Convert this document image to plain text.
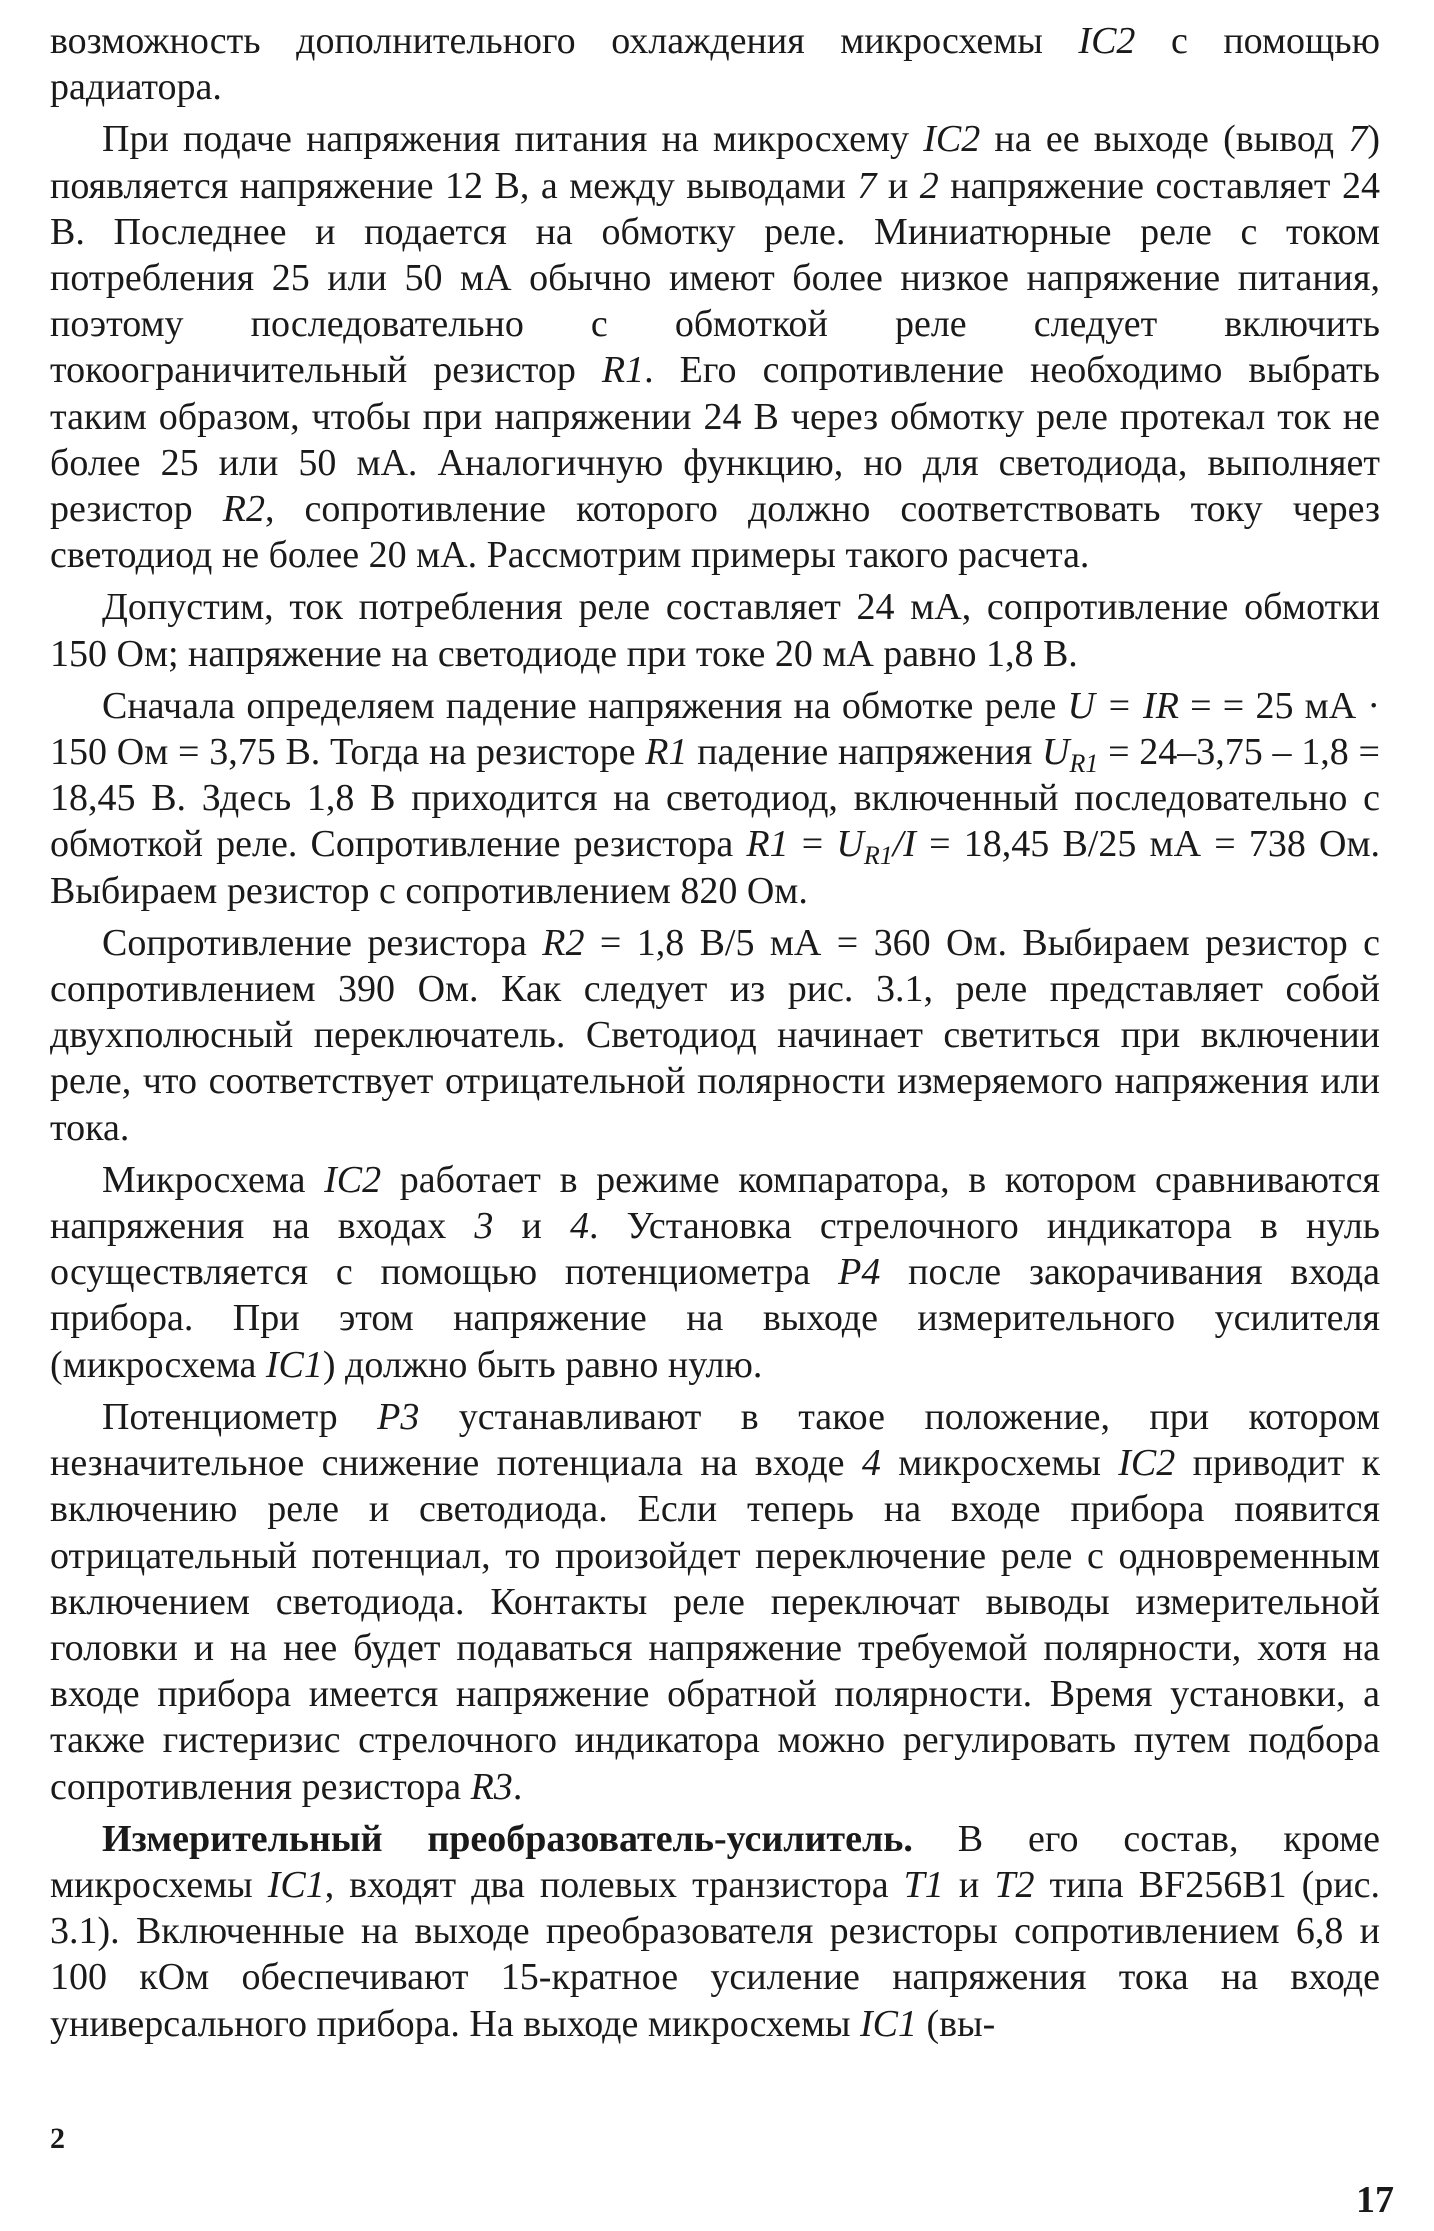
возможность дополнительного охлаждения микросхемы IC2 с помощью радиатора.

При подаче напряжения питания на микросхему IC2 на ее выходе (вывод 7) появляется напряжение 12 В, а между выводами 7 и 2 напряжение составляет 24 В. Последнее и подается на обмотку реле. Миниатюрные реле с током потребления 25 или 50 мА обычно имеют более низкое напряжение питания, поэтому последовательно с обмоткой реле следует включить токоограничительный резистор R1. Его сопротивление необходимо выбрать таким образом, чтобы при напряжении 24 В через обмотку реле протекал ток не более 25 или 50 мА. Аналогичную функцию, но для светодиода, выполняет резистор R2, сопротивление которого должно соответствовать току через светодиод не более 20 мА. Рассмотрим примеры такого расчета.

Допустим, ток потребления реле составляет 24 мА, сопротивление обмотки 150 Ом; напряжение на светодиоде при токе 20 мА равно 1,8 В.

Сначала определяем падение напряжения на обмотке реле U = IR = = 25 мА · 150 Ом = 3,75 В. Тогда на резисторе R1 падение напряжения $U_{R1} = 24-3,75 - 1,8 = 18,45$ В. Здесь 1,8 В приходится на светодиод, включенный последовательно с обмоткой реле. Сопротивление резистора $R1 = U_{R1}/I = 18,45$ В/25 мА = 738 Ом. Выбираем резистор с сопротивлением 820 Ом.

Сопротивление резистора R2 = 1,8 В/5 мА = 360 Ом. Выбираем резистор с сопротивлением 390 Ом. Как следует из рис. 3.1, реле представляет собой двухполюсный переключатель. Светодиод начинает светиться при включении реле, что соответствует отрицательной полярности измеряемого напряжения или тока.

Микросхема IC2 работает в режиме компаратора, в котором сравниваются напряжения на входах 3 и 4. Установка стрелочного индикатора в нуль осуществляется с помощью потенциометра P4 после закорачивания входа прибора. При этом напряжение на выходе измерительного усилителя (микросхема IC1) должно быть равно нулю.

Потенциометр P3 устанавливают в такое положение, при котором незначительное снижение потенциала на входе 4 микросхемы IC2 приводит к включению реле и светодиода. Если теперь на входе прибора появится отрицательный потенциал, то произойдет переключение реле с одновременным включением светодиода. Контакты реле переключат выводы измерительной головки и на нее будет подаваться напряжение требуемой полярности, хотя на входе прибора имеется напряжение обратной полярности. Время установки, а также гистеризис стрелочного индикатора можно регулировать путем подбора сопротивления резистора R3.

Измерительный преобразователь-усилитель. В его состав, кроме микросхемы IC1, входят два полевых транзистора T1 и T2 типа BF256B1 (рис. 3.1). Включенные на выходе преобразователя резисторы сопротивлением 6,8 и 100 кОм обеспечивают 15-кратное усиление напряжения тока на входе универсального прибора. На выходе микросхемы IC1 (вы-

2
17
